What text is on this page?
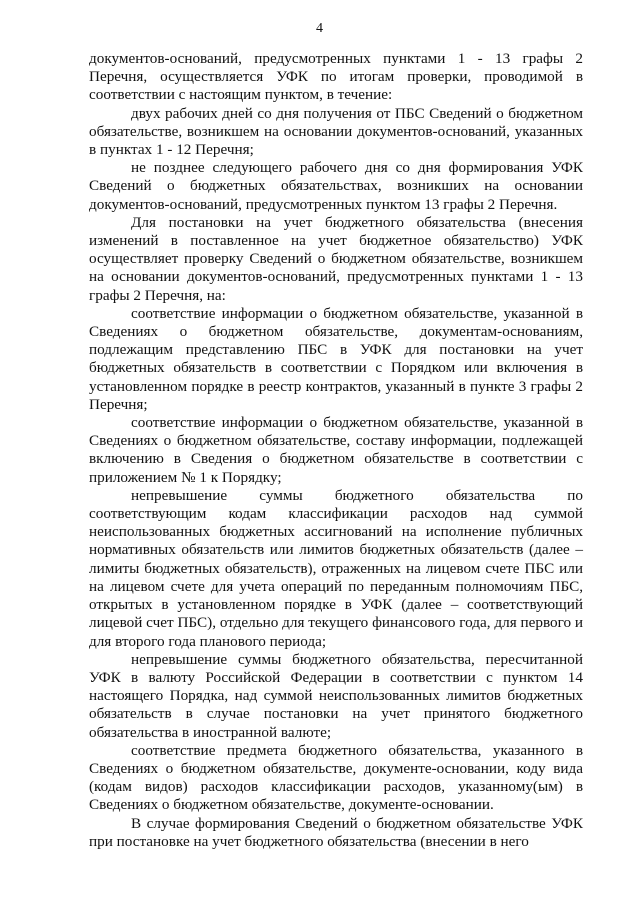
4

документов-оснований, предусмотренных пунктами 1 - 13 графы 2 Перечня, осуществляется УФК по итогам проверки, проводимой в соответствии с настоящим пунктом, в течение:

двух рабочих дней со дня получения от ПБС Сведений о бюджетном обязательстве, возникшем на основании документов-оснований, указанных в пунктах 1 - 12 Перечня;

не позднее следующего рабочего дня со дня формирования УФК Сведений о бюджетных обязательствах, возникших на основании документов-оснований, предусмотренных пунктом 13 графы 2 Перечня.

Для постановки на учет бюджетного обязательства (внесения изменений в поставленное на учет бюджетное обязательство) УФК осуществляет проверку Сведений о бюджетном обязательстве, возникшем на основании документов-оснований, предусмотренных пунктами 1 - 13 графы 2 Перечня, на:

соответствие информации о бюджетном обязательстве, указанной в Сведениях о бюджетном обязательстве, документам-основаниям, подлежащим представлению ПБС в УФК для постановки на учет бюджетных обязательств в соответствии с Порядком или включения в установленном порядке в реестр контрактов, указанный в пункте 3 графы 2 Перечня;

соответствие информации о бюджетном обязательстве, указанной в Сведениях о бюджетном обязательстве, составу информации, подлежащей включению в Сведения о бюджетном обязательстве в соответствии с приложением № 1 к Порядку;

непревышение суммы бюджетного обязательства по соответствующим кодам классификации расходов над суммой неиспользованных бюджетных ассигнований на исполнение публичных нормативных обязательств или лимитов бюджетных обязательств (далее – лимиты бюджетных обязательств), отраженных на лицевом счете ПБС или на лицевом счете для учета операций по переданным полномочиям ПБС, открытых в установленном порядке в УФК (далее – соответствующий лицевой счет ПБС), отдельно для текущего финансового года, для первого и для второго года планового периода;

непревышение суммы бюджетного обязательства, пересчитанной УФК в валюту Российской Федерации в соответствии с пунктом 14 настоящего Порядка, над суммой неиспользованных лимитов бюджетных обязательств в случае постановки на учет принятого бюджетного обязательства в иностранной валюте;

соответствие предмета бюджетного обязательства, указанного в Сведениях о бюджетном обязательстве, документе-основании, коду вида (кодам видов) расходов классификации расходов, указанному(ым) в Сведениях о бюджетном обязательстве, документе-основании.

В случае формирования Сведений о бюджетном обязательстве УФК при постановке на учет бюджетного обязательства (внесении в него
